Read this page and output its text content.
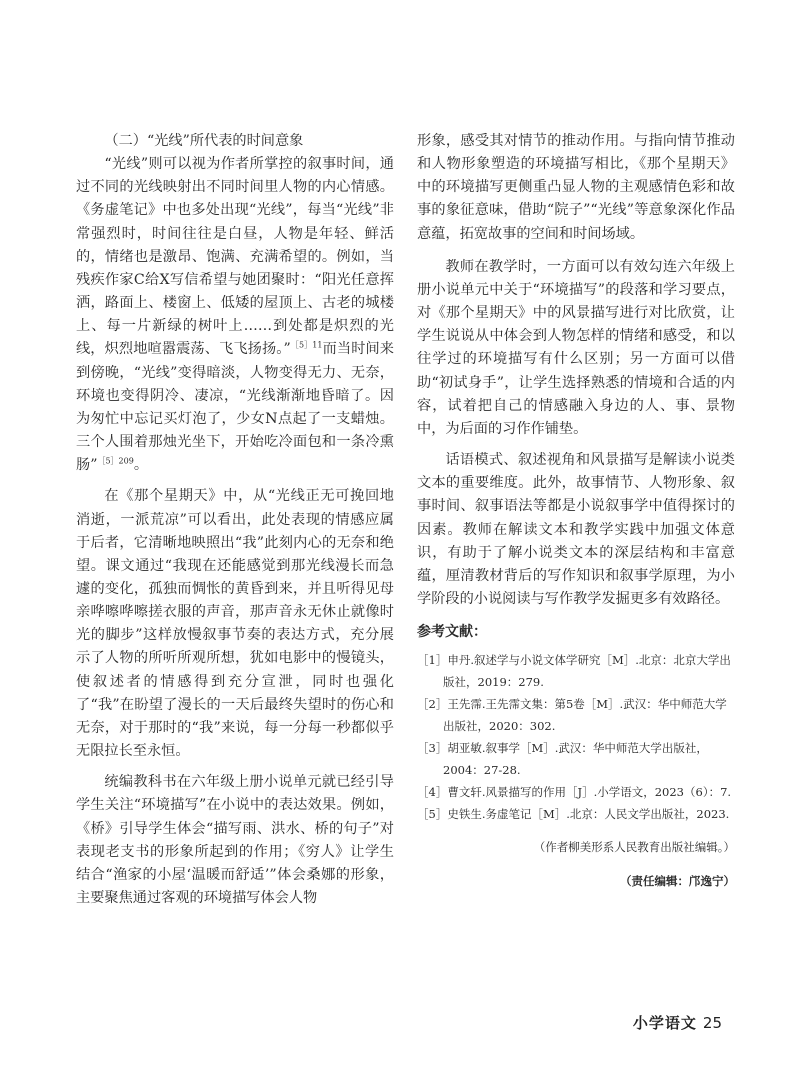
（二）“光线”所代表的时间意象

“光线”则可以视为作者所掌控的叙事时间，通过不同的光线映射出不同时间里人物的内心情感。《务虚笔记》中也多处出现“光线”，每当“光线”非常强烈时，时间往往是白昼，人物是年轻、鲜活的，情绪也是激昂、饱满、充满希望的。例如，当残疾作家C给X写信希望与她团聚时：“阳光任意挥洒，路面上、楼窗上、低矮的屋顶上、古老的城楼上、每一片新绿的树叶上……到处都是炽烈的光线，炽烈地喧嚣震荡、飞飞扬扬。”$^{[5]11}$而当时间来到傍晚，“光线”变得暗淡，人物变得无力、无奈，环境也变得阴冷、凄凉，“光线渐渐地昏暗了。因为匆忙中忘记买灯泡了，少女N点起了一支蜡烛。三个人围着那烛光坐下，开始吃冷面包和一条冷熏肠”$^{[5]209}$。

在《那个星期天》中，从“光线正无可挽回地消逝，一派荒凉”可以看出，此处表现的情感应属于后者，它清晰地映照出“我”此刻内心的无奈和绝望。课文通过“我现在还能感觉到那光线漫长而急遽的变化，孤独而惆怅的黄昏到来，并且听得见母亲哗嚓哗嚓搓衣服的声音，那声音永无休止就像时光的脚步”这样放慢叙事节奏的表达方式，充分展示了人物的所听所观所想，犹如电影中的慢镜头，使叙述者的情感得到充分宣泄，同时也强化了“我”在盼望了漫长的一天后最终失望时的伤心和无奈，对于那时的“我”来说，每一分每一秒都似乎无限拉长至永恒。

统编教科书在六年级上册小说单元就已经引导学生关注“环境描写”在小说中的表达效果。例如，《桥》引导学生体会“描写雨、洪水、桥的句子”对表现老支书的形象所起到的作用；《穷人》让学生结合“渔家的小屋‘温暖而舒适’”体会桑娜的形象，主要聚焦通过客观的环境描写体会人物

形象，感受其对情节的推动作用。与指向情节推动和人物形象塑造的环境描写相比，《那个星期天》中的环境描写更侧重凸显人物的主观感情色彩和故事的象征意味，借助“院子”“光线”等意象深化作品意蕴，拓宽故事的空间和时间场域。

教师在教学时，一方面可以有效勾连六年级上册小说单元中关于“环境描写”的段落和学习要点，对《那个星期天》中的风景描写进行对比欣赏，让学生说说从中体会到人物怎样的情绪和感受，和以往学过的环境描写有什么区别；另一方面可以借助“初试身手”，让学生选择熟悉的情境和合适的内容，试着把自己的情感融入身边的人、事、景物中，为后面的习作作铺垫。

话语模式、叙述视角和风景描写是解读小说类文本的重要维度。此外，故事情节、人物形象、叙事时间、叙事语法等都是小说叙事学中值得探讨的因素。教师在解读文本和教学实践中加强文体意识，有助于了解小说类文本的深层结构和丰富意蕴，厘清教材背后的写作知识和叙事学原理，为小学阶段的小说阅读与写作教学发掘更多有效路径。

参考文献：

［1］申丹.叙述学与小说文体学研究［M］.北京：北京大学出版社，2019：279.

［2］王先霈.王先霈文集：第5卷［M］.武汉：华中师范大学出版社，2020：302.

［3］胡亚敏.叙事学［M］.武汉：华中师范大学出版社，2004：27-28.

［4］曹文轩.风景描写的作用［J］.小学语文，2023（6）：7.

［5］史铁生.务虚笔记［M］.北京：人民文学出版社，2023.

（作者柳美形系人民教育出版社编辑。）

（责任编辑：邝逸宁）

小学语文 25
